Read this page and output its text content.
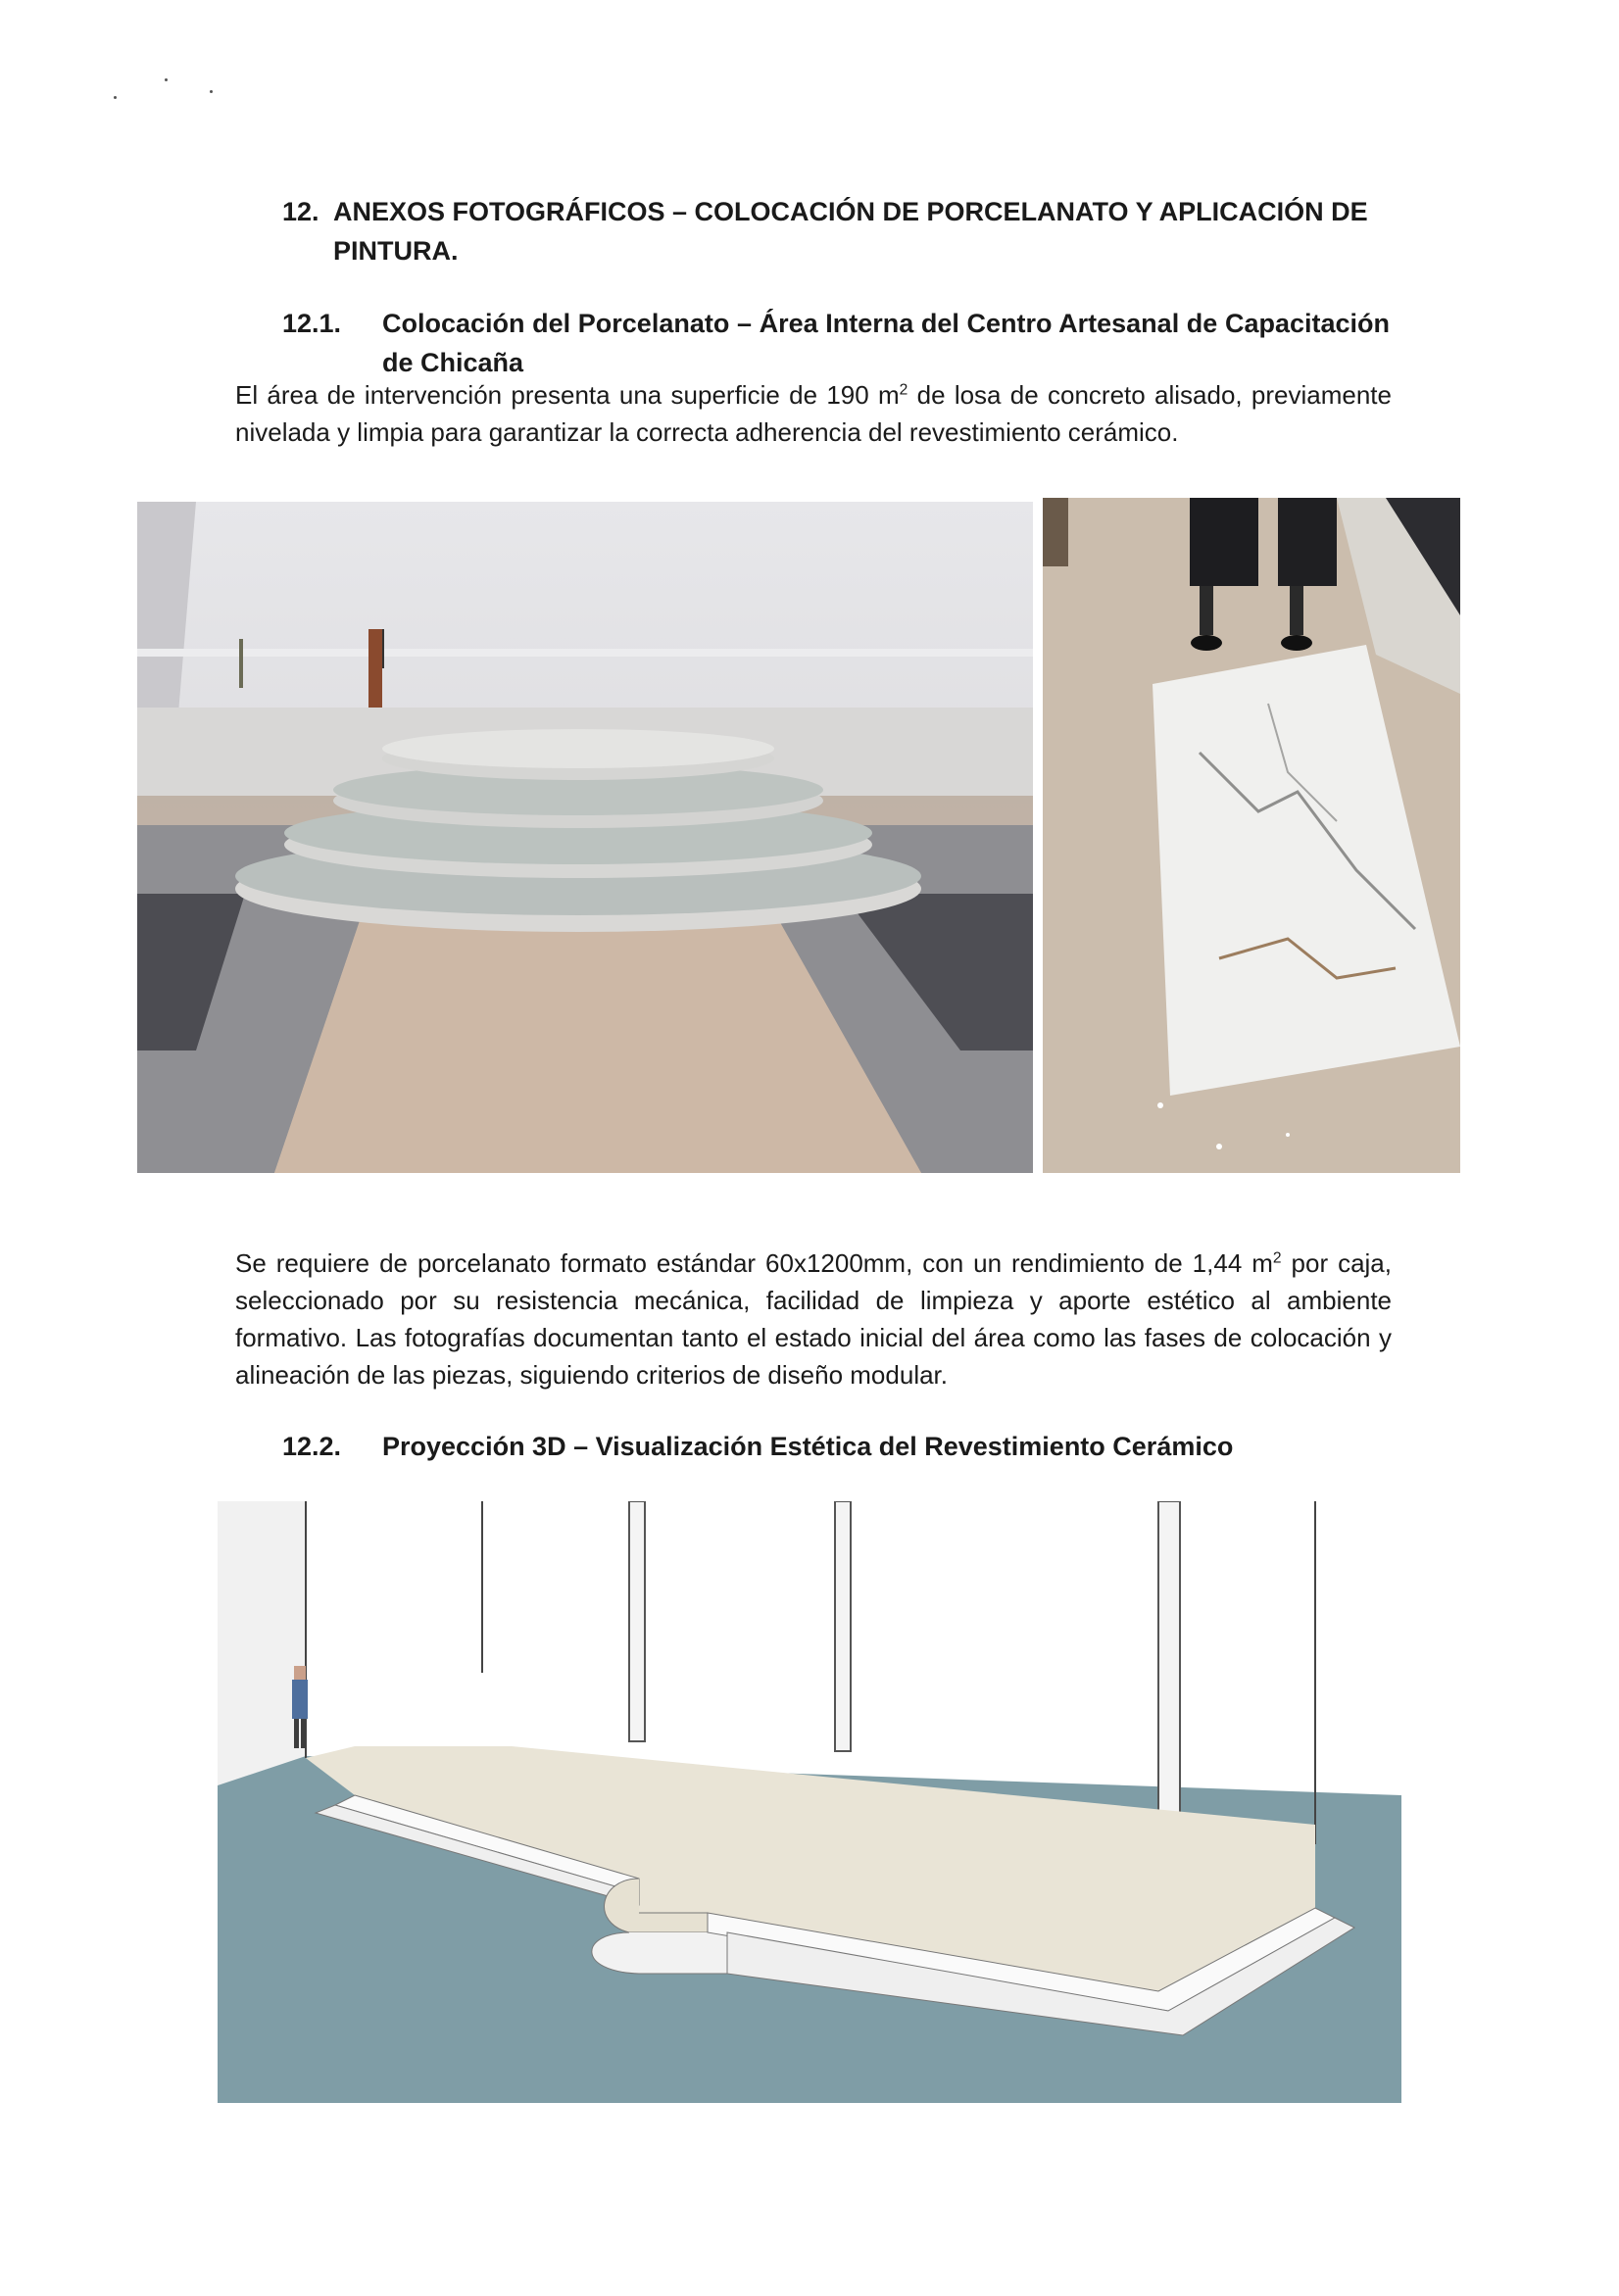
12. ANEXOS FOTOGRÁFICOS – COLOCACIÓN DE PORCELANATO Y APLICACIÓN DE PINTURA.
12.1.	Colocación del Porcelanato – Área Interna del Centro Artesanal de Capacitación de Chicaña

El área de intervención presenta una superficie de 190 $m^2$ de losa de concreto alisado, previamente nivelada y limpia para garantizar la correcta adherencia del revestimiento cerámico.

Se requiere de porcelanato formato estándar 60x1200mm, con un rendimiento de 1,44 $m^2$ por caja, seleccionado por su resistencia mecánica, facilidad de limpieza y aporte estético al ambiente formativo. Las fotografías documentan tanto el estado inicial del área como las fases de colocación y alineación de las piezas, siguiendo criterios de diseño modular.

12.2.	Proyección 3D – Visualización Estética del Revestimiento Cerámico
